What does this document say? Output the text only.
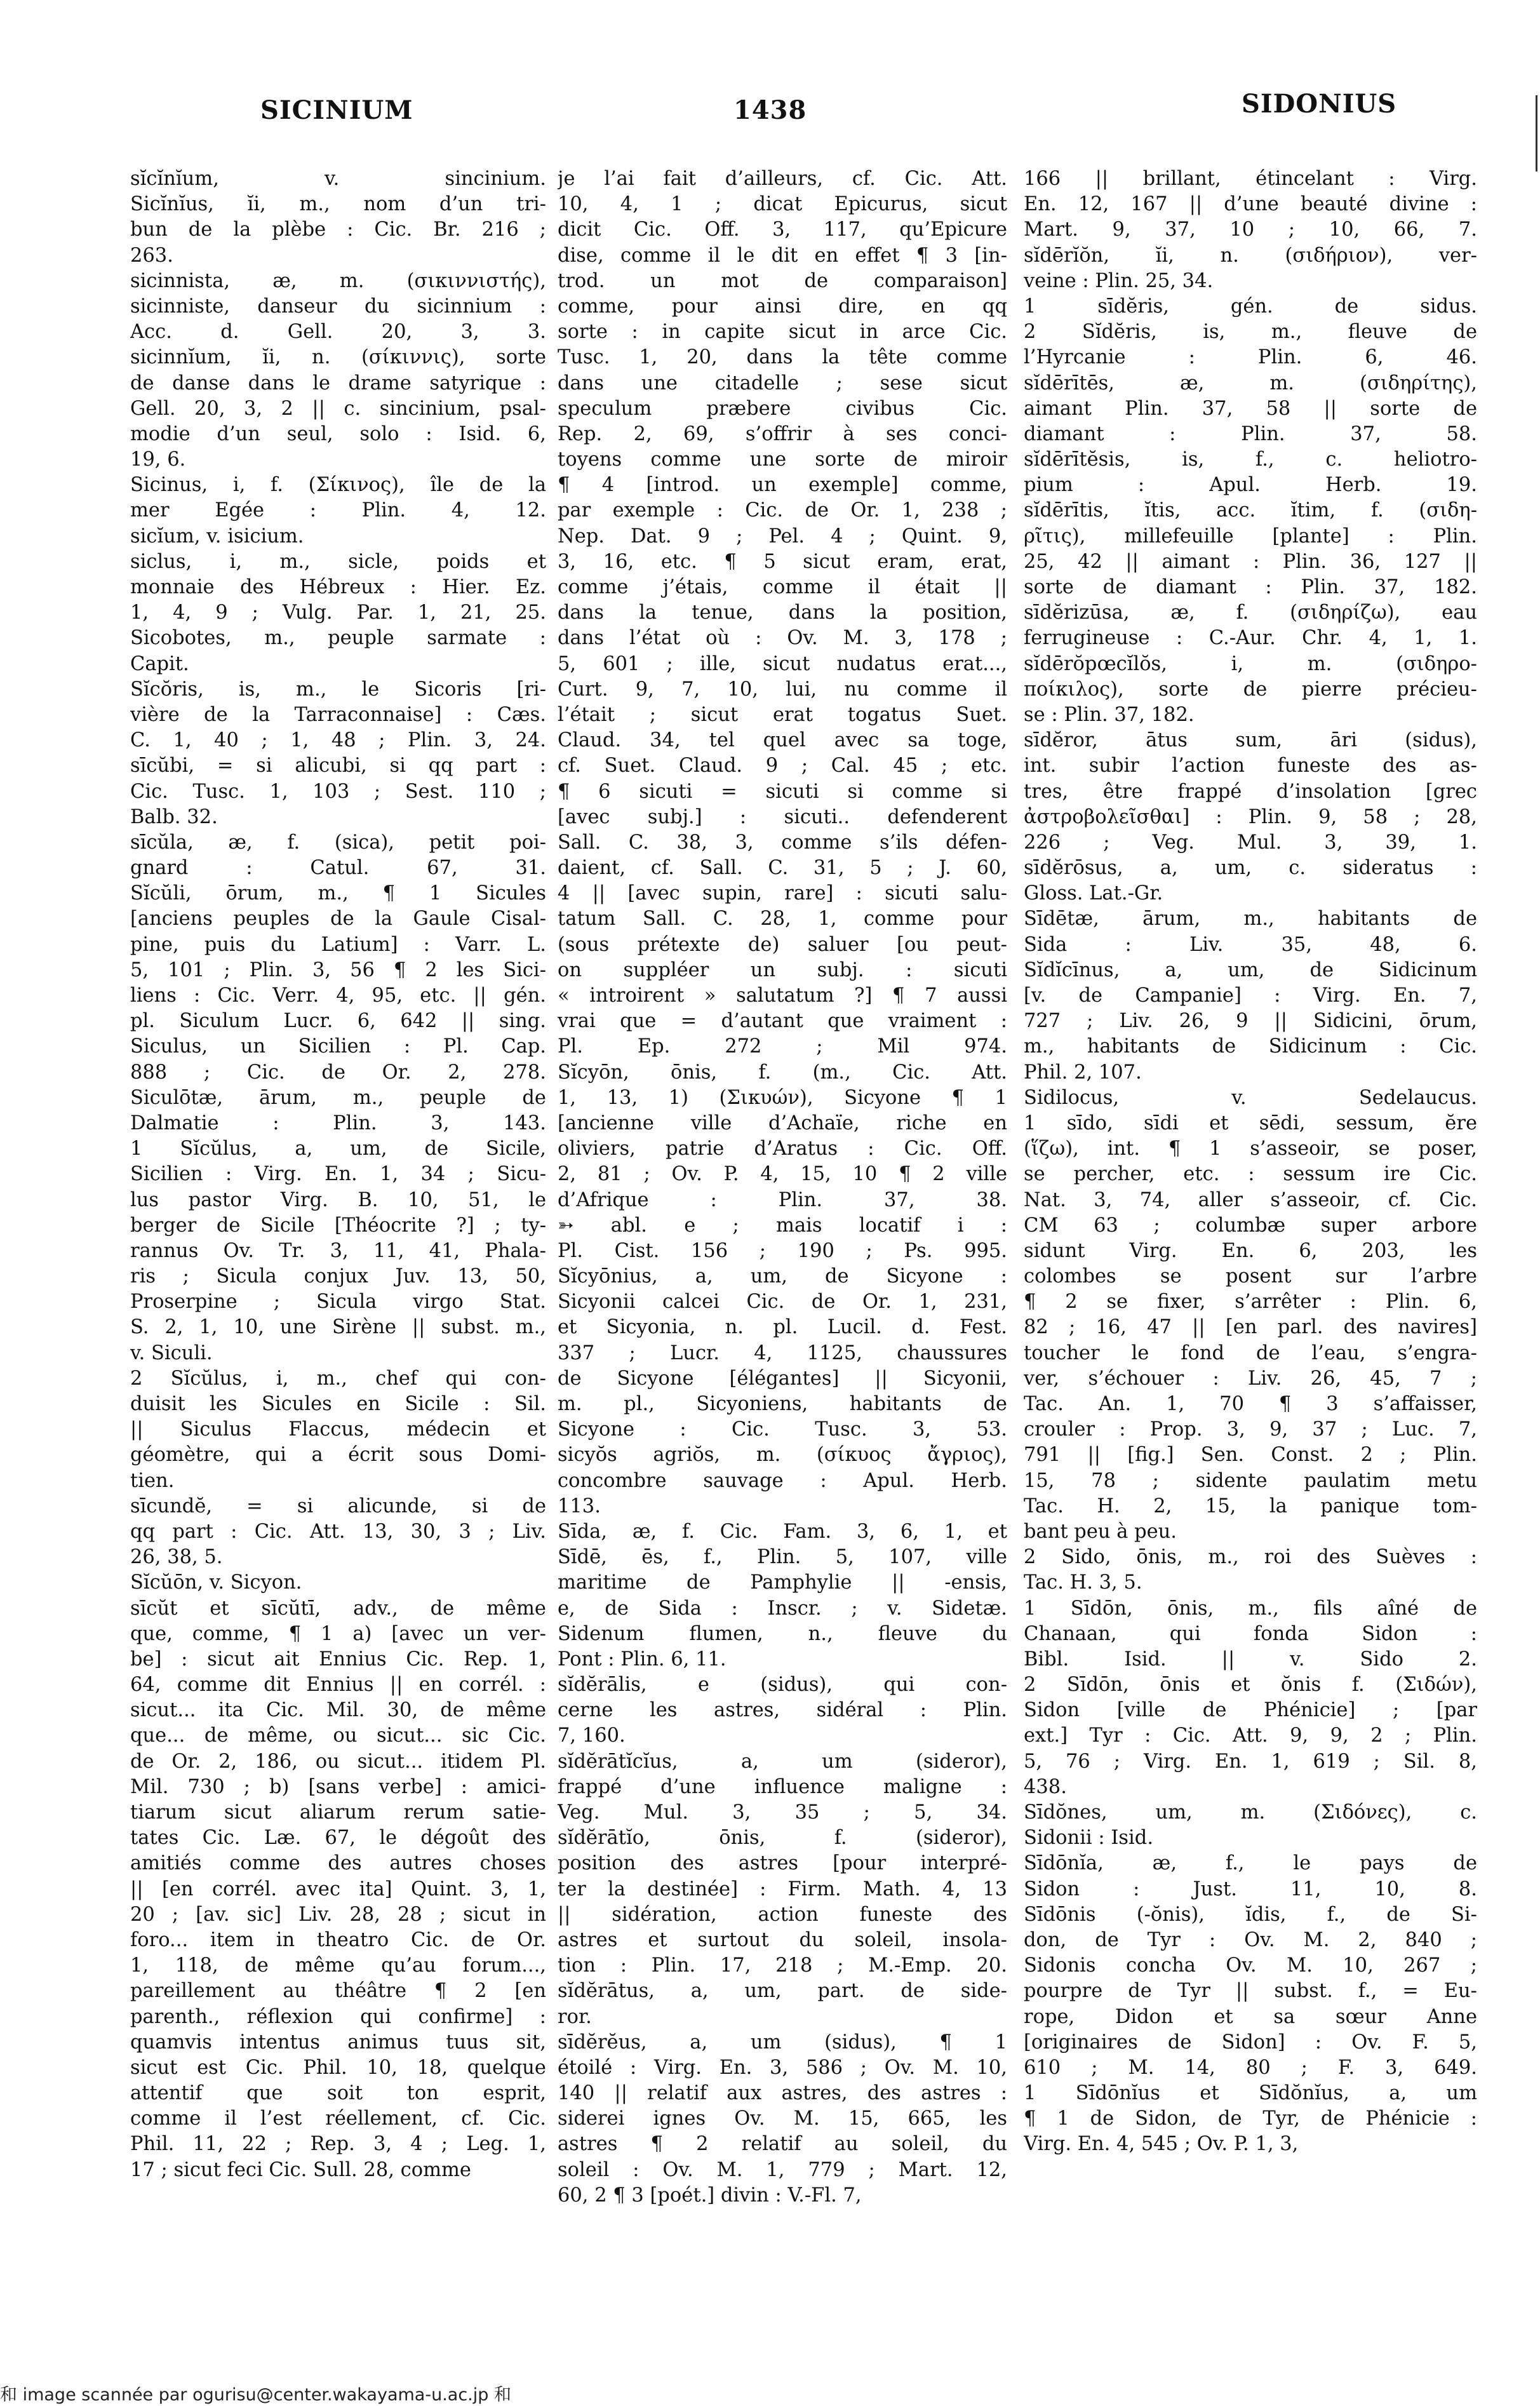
SICINIUM	1438	SIDONIUS
sĭcĭnĭum, v. sincinium.
Sicĭnĭus, ĭi, m., nom d’un tri-
bun de la plèbe : Cic. Br. 216 ;
263.
sicinnista, æ, m. (σικιννιστής),
sicinniste, danseur du sicinnium :
Acc. d. Gell. 20, 3, 3.
sicinnĭum, ĭi, n. (σίκιννις), sorte
de danse dans le drame satyrique :
Gell. 20, 3, 2 || c. sincinium, psal-
modie d’un seul, solo : Isid. 6,
19, 6.
Sicinus, i, f. (Σίκινος), île de la
mer Egée : Plin. 4, 12.
sicĭum, v. isicium.
siclus, i, m., sicle, poids et
monnaie des Hébreux : Hier. Ez.
1, 4, 9 ; Vulg. Par. 1, 21, 25.
Sicobotes, m., peuple sarmate :
Capit.
Sĭcŏris, is, m., le Sicoris [ri-
vière de la Tarraconnaise] : Cæs.
C. 1, 40 ; 1, 48 ; Plin. 3, 24.
sīcŭbi, = si alicubi, si qq part :
Cic. Tusc. 1, 103 ; Sest. 110 ;
Balb. 32.
sīcŭla, æ, f. (sica), petit poi-
gnard : Catul. 67, 31.
Sĭcŭli, ōrum, m., ¶ 1 Sicules
[anciens peuples de la Gaule Cisal-
pine, puis du Latium] : Varr. L.
5, 101 ; Plin. 3, 56 ¶ 2 les Sici-
liens : Cic. Verr. 4, 95, etc. || gén.
pl. Siculum Lucr. 6, 642 || sing.
Siculus, un Sicilien : Pl. Cap.
888 ; Cic. de Or. 2, 278.
Siculōtæ, ārum, m., peuple de
Dalmatie : Plin. 3, 143.
1 Sĭcŭlus, a, um, de Sicile,
Sicilien : Virg. En. 1, 34 ; Sicu-
lus pastor Virg. B. 10, 51, le
berger de Sicile [Théocrite ?] ; ty-
rannus Ov. Tr. 3, 11, 41, Phala-
ris ; Sicula conjux Juv. 13, 50,
Proserpine ; Sicula virgo Stat.
S. 2, 1, 10, une Sirène || subst. m.,
v. Siculi.
2 Sĭcŭlus, i, m., chef qui con-
duisit les Sicules en Sicile : Sil.
|| Siculus Flaccus, médecin et
géomètre, qui a écrit sous Domi-
tien.
sīcundĕ, = si alicunde, si de
qq part : Cic. Att. 13, 30, 3 ; Liv.
26, 38, 5.
Sĭcŭōn, v. Sicyon.
sīcŭt et sīcŭtī, adv., de même
que, comme, ¶ 1 a) [avec un ver-
be] : sicut ait Ennius Cic. Rep. 1,
64, comme dit Ennius || en corrél. :
sicut... ita Cic. Mil. 30, de même
que... de même, ou sicut... sic Cic.
de Or. 2, 186, ou sicut... itidem Pl.
Mil. 730 ; b) [sans verbe] : amici-
tiarum sicut aliarum rerum satie-
tates Cic. Læ. 67, le dégoût des
amitiés comme des autres choses
|| [en corrél. avec ita] Quint. 3, 1,
20 ; [av. sic] Liv. 28, 28 ; sicut in
foro... item in theatro Cic. de Or.
1, 118, de même qu’au forum...,
pareillement au théâtre ¶ 2 [en
parenth., réflexion qui confirme] :
quamvis intentus animus tuus sit,
sicut est Cic. Phil. 10, 18, quelque
attentif que soit ton esprit,
comme il l’est réellement, cf. Cic.
Phil. 11, 22 ; Rep. 3, 4 ; Leg. 1,
17 ; sicut feci Cic. Sull. 28, comme
je l’ai fait d’ailleurs, cf. Cic. Att.
10, 4, 1 ; dicat Epicurus, sicut
dicit Cic. Off. 3, 117, qu’Epicure
dise, comme il le dit en effet ¶ 3 [in-
trod. un mot de comparaison]
comme, pour ainsi dire, en qq
sorte : in capite sicut in arce Cic.
Tusc. 1, 20, dans la tête comme
dans une citadelle ; sese sicut
speculum præbere civibus Cic.
Rep. 2, 69, s’offrir à ses conci-
toyens comme une sorte de miroir
¶ 4 [introd. un exemple] comme,
par exemple : Cic. de Or. 1, 238 ;
Nep. Dat. 9 ; Pel. 4 ; Quint. 9,
3, 16, etc. ¶ 5 sicut eram, erat,
comme j’étais, comme il était ||
dans la tenue, dans la position,
dans l’état où : Ov. M. 3, 178 ;
5, 601 ; ille, sicut nudatus erat...,
Curt. 9, 7, 10, lui, nu comme il
l’était ; sicut erat togatus Suet.
Claud. 34, tel quel avec sa toge,
cf. Suet. Claud. 9 ; Cal. 45 ; etc.
¶ 6 sicuti = sicuti si comme si
[avec subj.] : sicuti.. defenderent
Sall. C. 38, 3, comme s’ils défen-
daient, cf. Sall. C. 31, 5 ; J. 60,
4 || [avec supin, rare] : sicuti salu-
tatum Sall. C. 28, 1, comme pour
(sous prétexte de) saluer [ou peut-
on suppléer un subj. : sicuti
« introirent » salutatum ?] ¶ 7 aussi
vrai que = d’autant que vraiment :
Pl. Ep. 272 ; Mil 974.
Sĭcyōn, ōnis, f. (m., Cic. Att.
1, 13, 1) (Σικυών), Sicyone ¶ 1
[ancienne ville d’Achaïe, riche en
oliviers, patrie d’Aratus : Cic. Off.
2, 81 ; Ov. P. 4, 15, 10 ¶ 2 ville
d’Afrique : Plin. 37, 38.
➳ abl. e ; mais locatif i :
Pl. Cist. 156 ; 190 ; Ps. 995.
Sĭcyōnius, a, um, de Sicyone :
Sicyonii calcei Cic. de Or. 1, 231,
et Sicyonia, n. pl. Lucil. d. Fest.
337 ; Lucr. 4, 1125, chaussures
de Sicyone [élégantes] || Sicyonii,
m. pl., Sicyoniens, habitants de
Sicyone : Cic. Tusc. 3, 53.
sicyŏs agriŏs, m. (σίκυος ἄγριος),
concombre sauvage : Apul. Herb.
113.
Sīda, æ, f. Cic. Fam. 3, 6, 1, et
Sīdē, ēs, f., Plin. 5, 107, ville
maritime de Pamphylie || -ensis,
e, de Sida : Inscr. ; v. Sidetæ.
Sidenum flumen, n., fleuve du
Pont : Plin. 6, 11.
sĭdĕrālis, e (sidus), qui con-
cerne les astres, sidéral : Plin.
7, 160.
sĭdĕrātĭcĭus, a, um (sideror),
frappé d’une influence maligne :
Veg. Mul. 3, 35 ; 5, 34.
sĭdĕrātĭo, ōnis, f. (sideror),
position des astres [pour interpré-
ter la destinée] : Firm. Math. 4, 13
|| sidération, action funeste des
astres et surtout du soleil, insola-
tion : Plin. 17, 218 ; M.-Emp. 20.
sĭdĕrātus, a, um, part. de side-
ror.
sīdĕrĕus, a, um (sidus), ¶ 1
étoilé : Virg. En. 3, 586 ; Ov. M. 10,
140 || relatif aux astres, des astres :
siderei ignes Ov. M. 15, 665, les
astres ¶ 2 relatif au soleil, du
soleil : Ov. M. 1, 779 ; Mart. 12,
60, 2 ¶ 3 [poét.] divin : V.-Fl. 7,
166 || brillant, étincelant : Virg.
En. 12, 167 || d’une beauté divine :
Mart. 9, 37, 10 ; 10, 66, 7.
sĭdērĭŏn, ĭi, n. (σιδήριον), ver-
veine : Plin. 25, 34.
1 sīdĕris, gén. de sidus.
2 Sĭdĕris, is, m., fleuve de
l’Hyrcanie : Plin. 6, 46.
sĭdērītēs, æ, m. (σιδηρίτης),
aimant Plin. 37, 58 || sorte de
diamant : Plin. 37, 58.
sĭdērītĕsis, is, f., c. heliotro-
pium : Apul. Herb. 19.
sĭdērītis, ĭtis, acc. ĭtim, f. (σιδη-
ρῖτις), millefeuille [plante] : Plin.
25, 42 || aimant : Plin. 36, 127 ||
sorte de diamant : Plin. 37, 182.
sīdĕrizūsa, æ, f. (σιδηρίζω), eau
ferrugineuse : C.-Aur. Chr. 4, 1, 1.
sĭdērŏpœcĭlŏs, i, m. (σιδηρο-
ποίκιλος), sorte de pierre précieu-
se : Plin. 37, 182.
sīdĕror, ātus sum, āri (sidus),
int. subir l’action funeste des as-
tres, être frappé d’insolation [grec
ἀστροβολεῖσθαι] : Plin. 9, 58 ; 28,
226 ; Veg. Mul. 3, 39, 1.
sīdĕrōsus, a, um, c. sideratus :
Gloss. Lat.-Gr.
Sīdētæ, ārum, m., habitants de
Sida : Liv. 35, 48, 6.
Sĭdĭcīnus, a, um, de Sidicinum
[v. de Campanie] : Virg. En. 7,
727 ; Liv. 26, 9 || Sidicini, ōrum,
m., habitants de Sidicinum : Cic.
Phil. 2, 107.
Sidilocus, v. Sedelaucus.
1 sīdo, sīdi et sēdi, sessum, ĕre
(ἵζω), int. ¶ 1 s’asseoir, se poser,
se percher, etc. : sessum ire Cic.
Nat. 3, 74, aller s’asseoir, cf. Cic.
CM 63 ; columbæ super arbore
sidunt Virg. En. 6, 203, les
colombes se posent sur l’arbre
¶ 2 se fixer, s’arrêter : Plin. 6,
82 ; 16, 47 || [en parl. des navires]
toucher le fond de l’eau, s’engra-
ver, s’échouer : Liv. 26, 45, 7 ;
Tac. An. 1, 70 ¶ 3 s’affaisser,
crouler : Prop. 3, 9, 37 ; Luc. 7,
791 || [fig.] Sen. Const. 2 ; Plin.
15, 78 ; sidente paulatim metu
Tac. H. 2, 15, la panique tom-
bant peu à peu.
2 Sido, ōnis, m., roi des Suèves :
Tac. H. 3, 5.
1 Sīdōn, ōnis, m., fils aîné de
Chanaan, qui fonda Sidon :
Bibl. Isid. || v. Sido 2.
2 Sīdōn, ōnis et ŏnis f. (Σιδών),
Sidon [ville de Phénicie] ; [par
ext.] Tyr : Cic. Att. 9, 9, 2 ; Plin.
5, 76 ; Virg. En. 1, 619 ; Sil. 8,
438.
Sīdŏnes, um, m. (Σιδόνες), c.
Sidonii : Isid.
Sīdōnĭa, æ, f., le pays de
Sidon : Just. 11, 10, 8.
Sīdōnis (-ŏnis), ĭdis, f., de Si-
don, de Tyr : Ov. M. 2, 840 ;
Sidonis concha Ov. M. 10, 267 ;
pourpre de Tyr || subst. f., = Eu-
rope, Didon et sa sœur Anne
[originaires de Sidon] : Ov. F. 5,
610 ; M. 14, 80 ; F. 3, 649.
1 Sīdōnĭus et Sīdŏnĭus, a, um
¶ 1 de Sidon, de Tyr, de Phénicie :
Virg. En. 4, 545 ; Ov. P. 1, 3,
和 image scannée par ogurisu@center.wakayama-u.ac.jp 和
